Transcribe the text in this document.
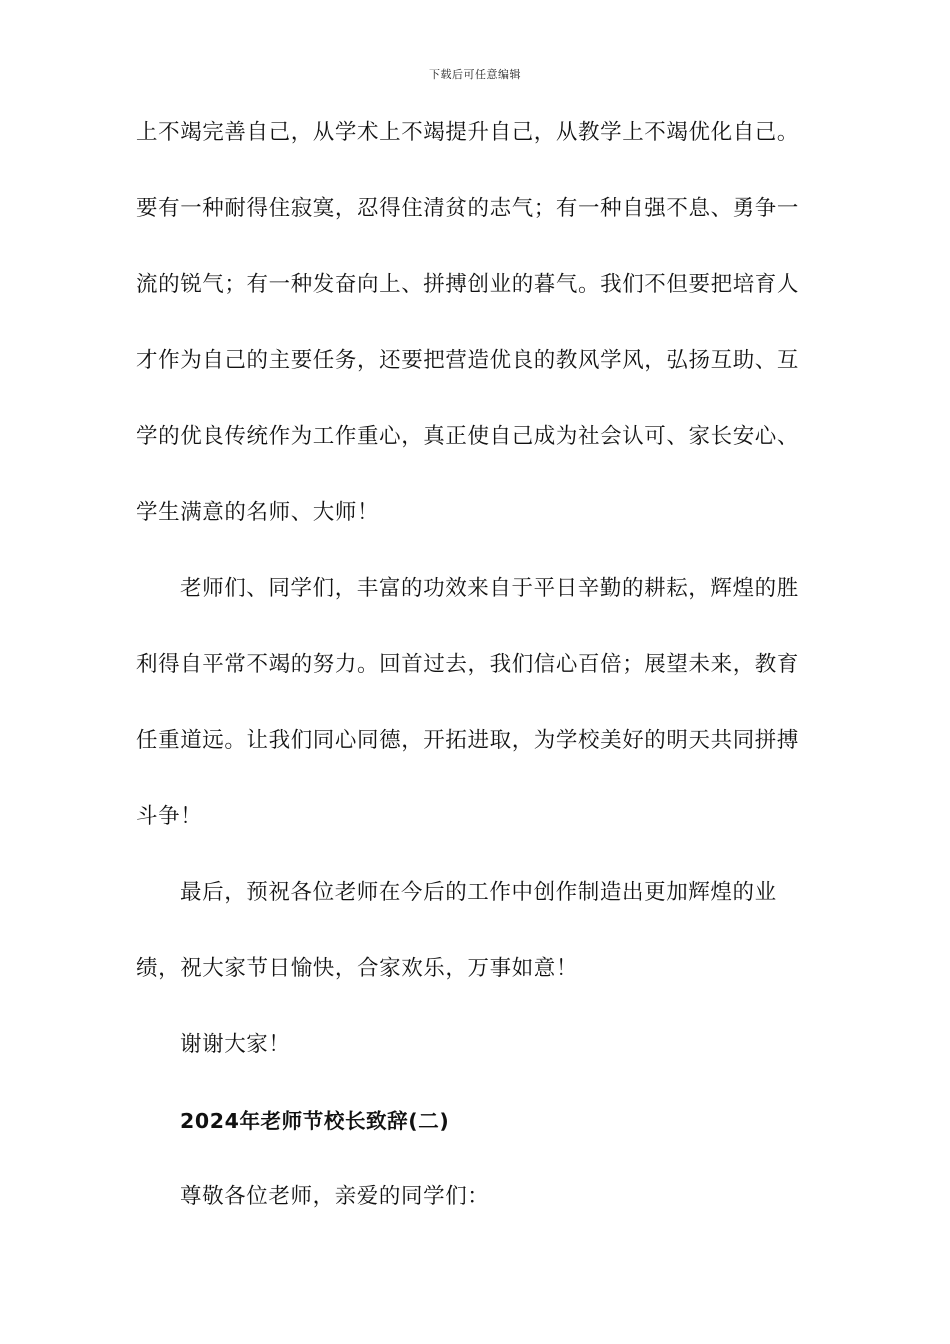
下载后可任意编辑
上不竭完善自己，从学术上不竭提升自己，从教学上不竭优化自己。
要有一种耐得住寂寞，忍得住清贫的志气；有一种自强不息、勇争一
流的锐气；有一种发奋向上、拼搏创业的暮气。我们不但要把培育人
才作为自己的主要任务，还要把营造优良的教风学风，弘扬互助、互
学的优良传统作为工作重心，真正使自己成为社会认可、家长安心、
学生满意的名师、大师！
老师们、同学们，丰富的功效来自于平日辛勤的耕耘，辉煌的胜
利得自平常不竭的努力。回首过去，我们信心百倍；展望未来，教育
任重道远。让我们同心同德，开拓进取，为学校美好的明天共同拼搏
斗争！
最后，预祝各位老师在今后的工作中创作制造出更加辉煌的业
绩，祝大家节日愉快，合家欢乐，万事如意！
谢谢大家！
2024年老师节校长致辞(二)
尊敬各位老师，亲爱的同学们：
